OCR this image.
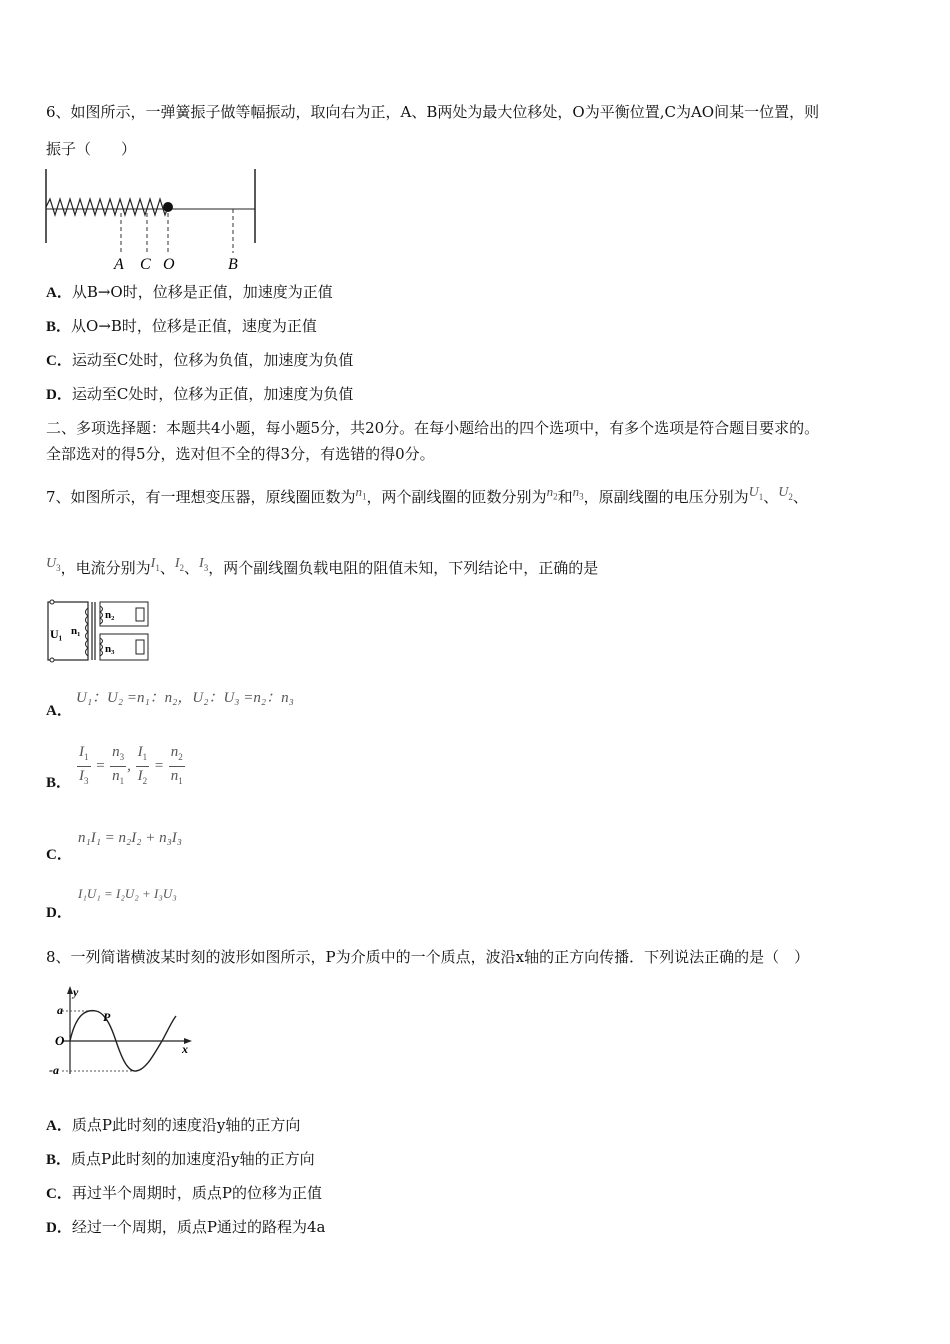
6、如图所示，一弹簧振子做等幅振动，取向右为正，A、B两处为最大位移处，O为平衡位置,C为AO间某一位置，则
振子（　　）
A C O	B
A．从B→O时，位移是正值，加速度为正值
B．从O→B时，位移是正值，速度为正值
C．运动至C处时，位移为负值，加速度为负值
D．运动至C处时，位移为正值，加速度为负值
二、多项选择题：本题共4小题，每小题5分，共20分。在每小题给出的四个选项中，有多个选项是符合题目要求的。
全部选对的得5分，选对但不全的得3分，有选错的得0分。
7、如图所示，有一理想变压器，原线圈匝数为$n_1$，两个副线圈的匝数分别为$n_2$和$n_3$，原副线圈的电压分别为$U_1$、$U_2$、
$U_3$，电流分别为$I_1$、$I_2$、$I_3$，两个副线圈负载电阻的阻值未知，下列结论中，正确的是
U₁ n₁
n₂
n₃
A．
U₁：U₂ =n₁：n₂，U₂：U₃ =n₂：n₃
B． $\frac{I_1}{I_3} = \frac{n_3}{n_1}$ , $\frac{I_1}{I_2} = \frac{n_2}{n_1}$
C．
n₁I₁ = n₂I₂ + n₃I₃
D．
I₁U₁ = I₂U₂ + I₃U₃
8、一列简谐横波某时刻的波形如图所示，P为介质中的一个质点，波沿x轴的正方向传播．下列说法正确的是（　）
y
a
O
-a
x
P
A．质点P此时刻的速度沿y轴的正方向
B．质点P此时刻的加速度沿y轴的正方向
C．再过半个周期时，质点P的位移为正值
D．经过一个周期，质点P通过的路程为4a
